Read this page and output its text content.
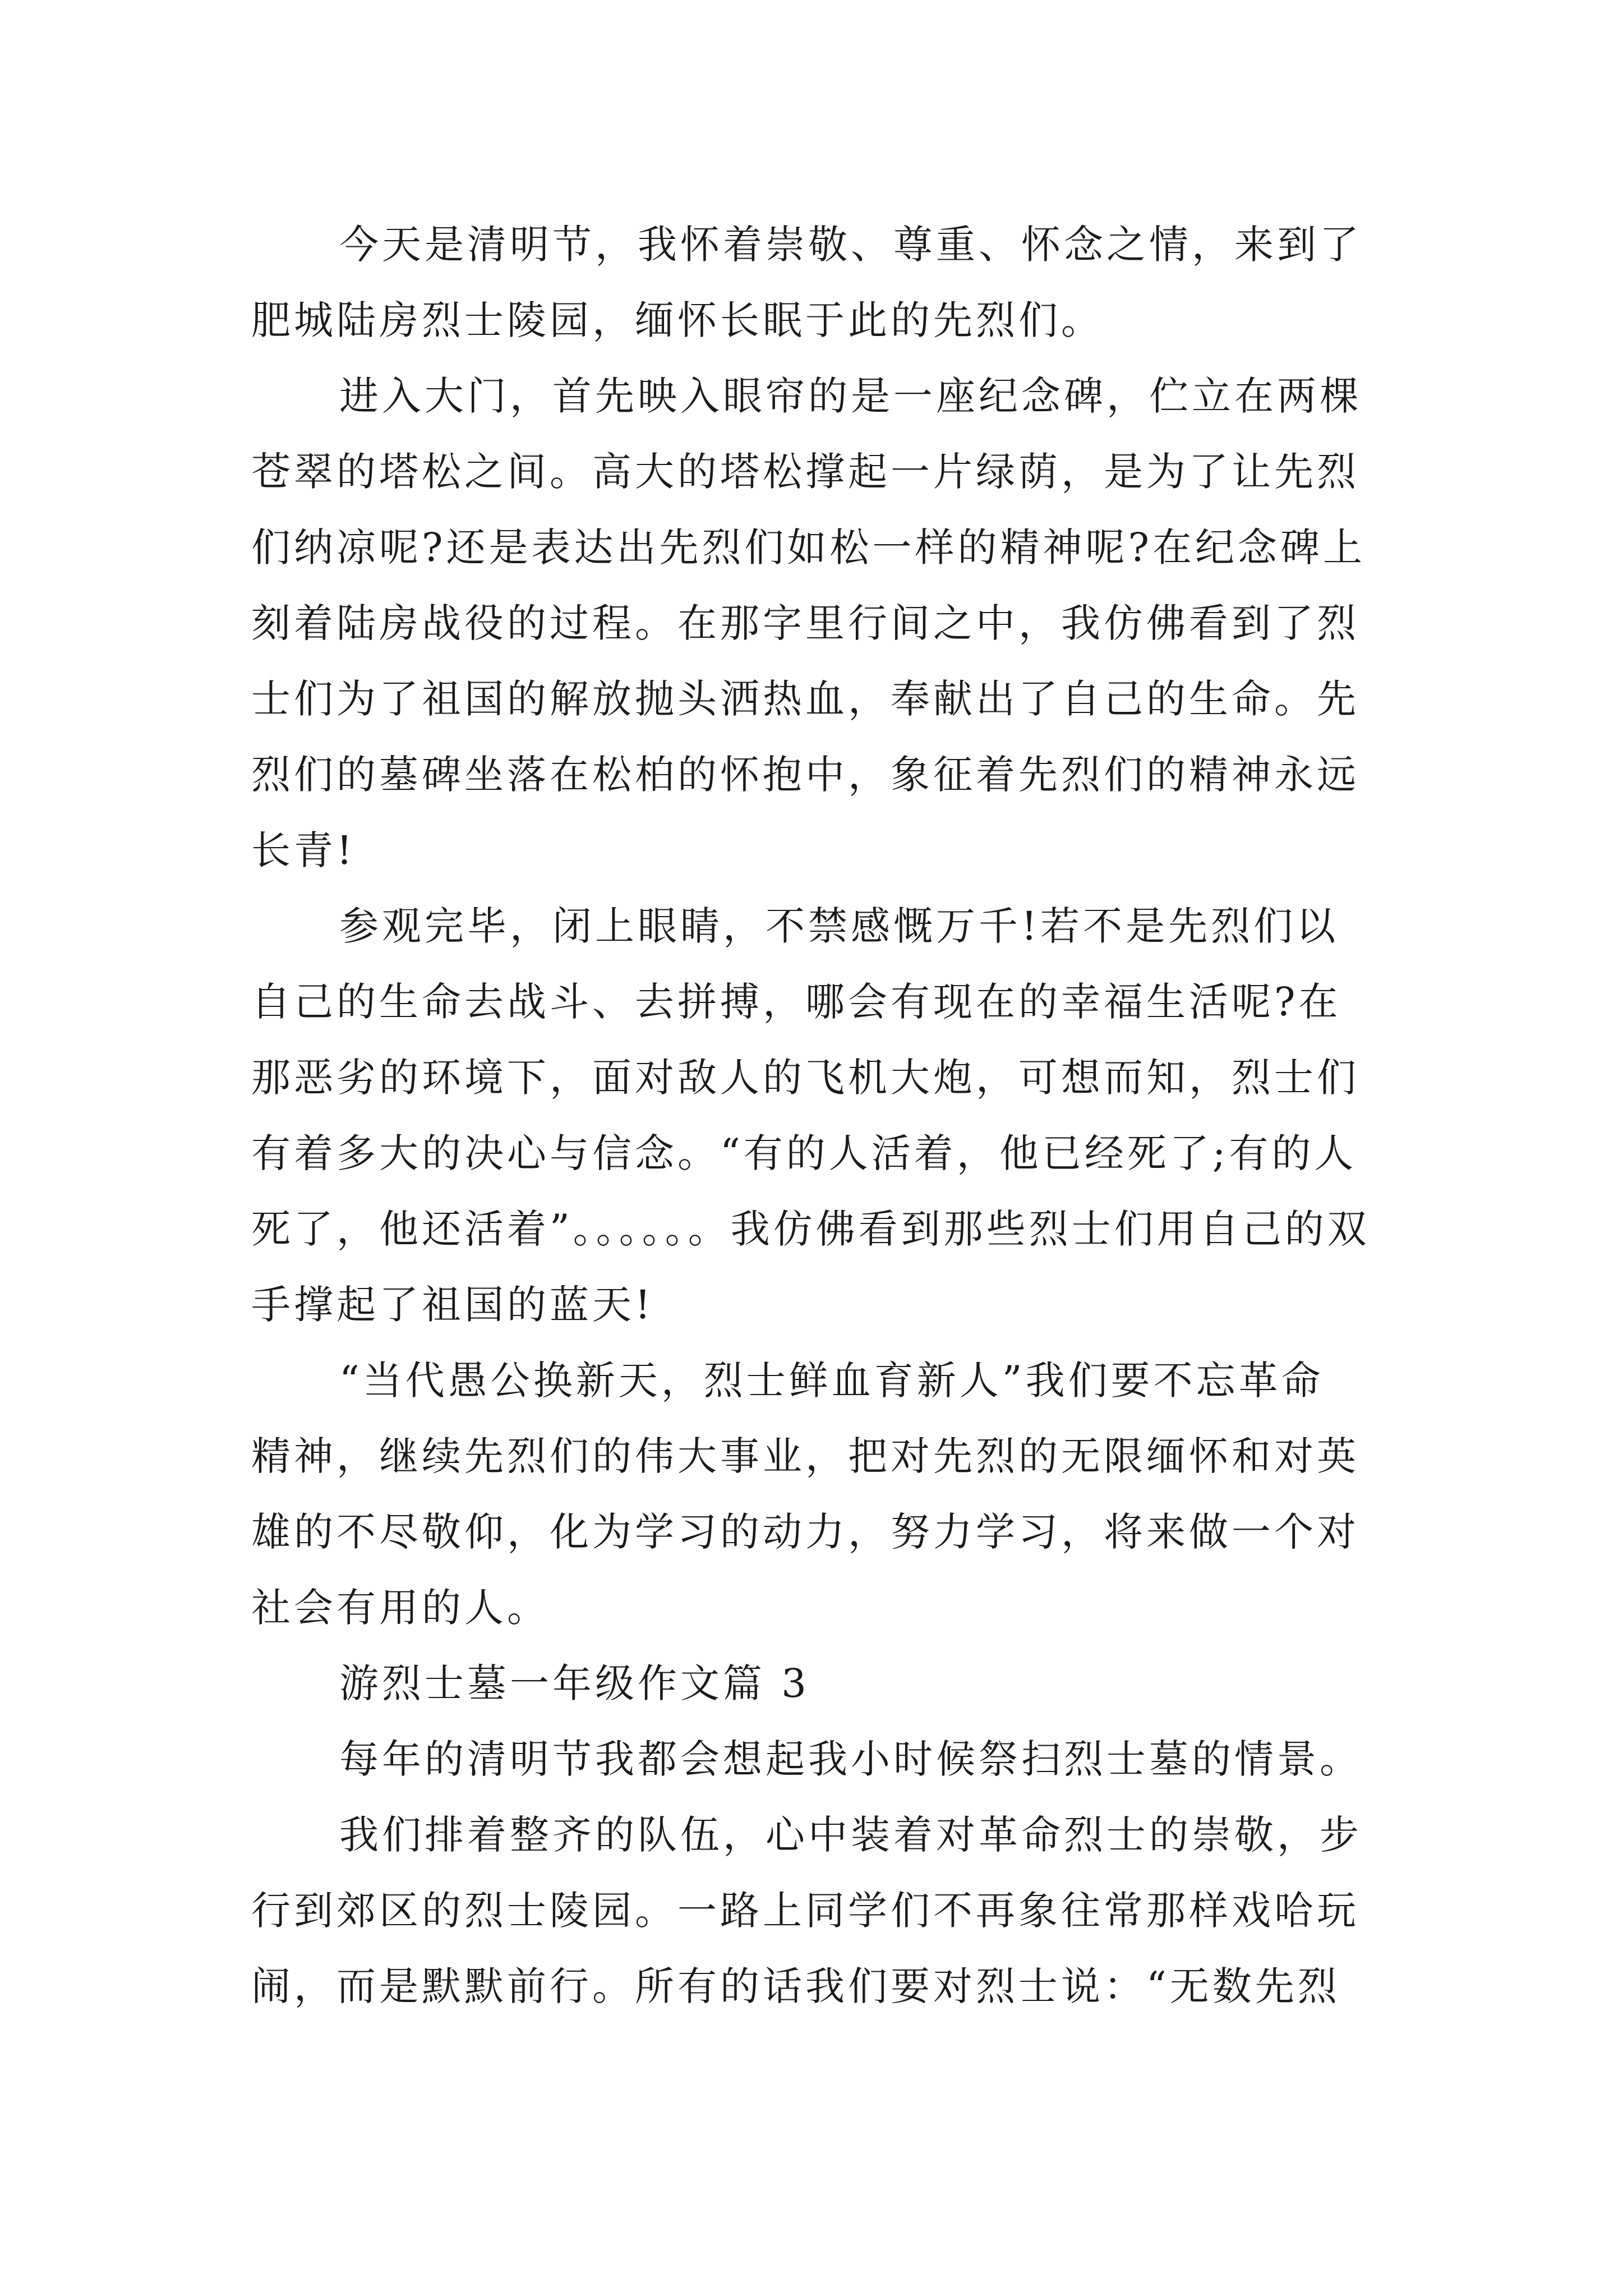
今天是清明节，我怀着崇敬、尊重、怀念之情，来到了
肥城陆房烈士陵园，缅怀长眠于此的先烈们。
进入大门，首先映入眼帘的是一座纪念碑，伫立在两棵
苍翠的塔松之间。高大的塔松撑起一片绿荫，是为了让先烈
们纳凉呢?还是表达出先烈们如松一样的精神呢?在纪念碑上
刻着陆房战役的过程。在那字里行间之中，我仿佛看到了烈
士们为了祖国的解放抛头洒热血，奉献出了自己的生命。先
烈们的墓碑坐落在松柏的怀抱中，象征着先烈们的精神永远
长青!
参观完毕，闭上眼睛，不禁感慨万千!若不是先烈们以
自己的生命去战斗、去拼搏，哪会有现在的幸福生活呢?在
那恶劣的环境下，面对敌人的飞机大炮，可想而知，烈士们
有着多大的决心与信念。“有的人活着，他已经死了;有的人
死了，他还活着”。。。。。。我仿佛看到那些烈士们用自己的双
手撑起了祖国的蓝天!
“当代愚公换新天，烈士鲜血育新人”我们要不忘革命
精神，继续先烈们的伟大事业，把对先烈的无限缅怀和对英
雄的不尽敬仰，化为学习的动力，努力学习，将来做一个对
社会有用的人。
游烈士墓一年级作文篇 3
每年的清明节我都会想起我小时候祭扫烈士墓的情景。
我们排着整齐的队伍，心中装着对革命烈士的崇敬，步
行到郊区的烈士陵园。一路上同学们不再象往常那样戏哈玩
闹，而是默默前行。所有的话我们要对烈士说：“无数先烈
